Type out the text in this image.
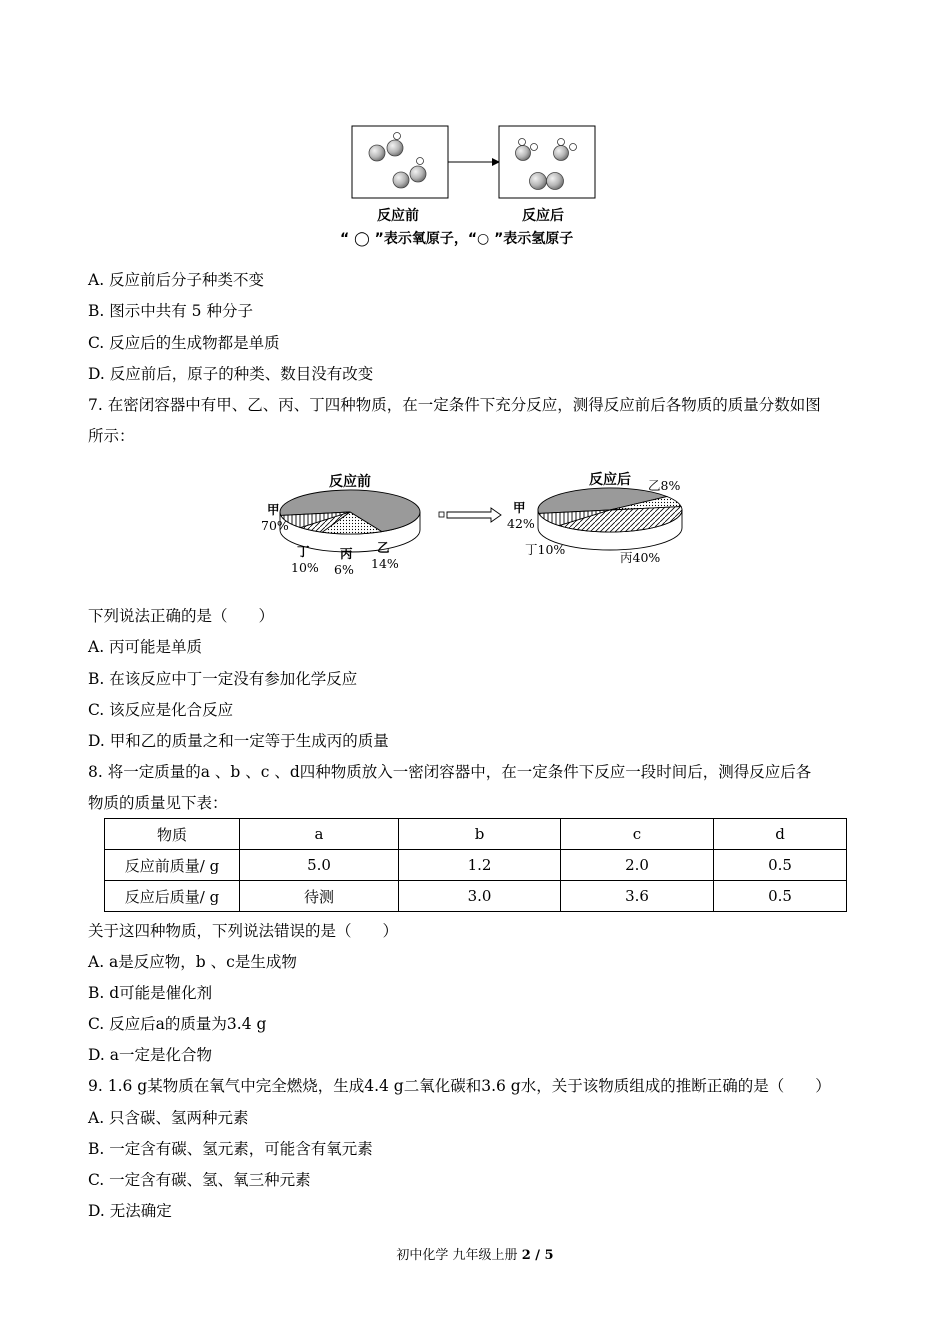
反应前	反应后
“ ◯ ”表示氧原子，“○ ”表示氢原子
A. 反应前后分子种类不变
B. 图示中共有 5 种分子
C. 反应后的生成物都是单质
D. 反应前后，原子的种类、数目没有改变
7. 在密闭容器中有甲、乙、丙、丁四种物质，在一定条件下充分反应，测得反应前后各物质的质量分数如图
所示：
反应前
甲 70%
乙 14%
丙 6%
丁 10%
反应后
甲 42%
乙8%
丙40%
丁10%
下列说法正确的是（　　）
A. 丙可能是单质
B. 在该反应中丁一定没有参加化学反应
C. 该反应是化合反应
D. 甲和乙的质量之和一定等于生成丙的质量
8. 将一定质量的a 、b 、c 、d四种物质放入一密闭容器中，在一定条件下反应一段时间后，测得反应后各
物质的质量见下表：
物质	a	b	c	d
反应前质量/ g	5.0	1.2	2.0	0.5
反应后质量/ g	待测	3.0	3.6	0.5
关于这四种物质，下列说法错误的是（　　）
A. a是反应物，b 、c是生成物
B. d可能是催化剂
C. 反应后a的质量为3.4 g
D. a一定是化合物
9. 1.6 g某物质在氧气中完全燃烧，生成4.4 g二氧化碳和3.6 g水，关于该物质组成的推断正确的是（　　）
A. 只含碳、氢两种元素
B. 一定含有碳、氢元素，可能含有氧元素
C. 一定含有碳、氢、氧三种元素
D. 无法确定
初中化学 九年级上册 2 / 5
